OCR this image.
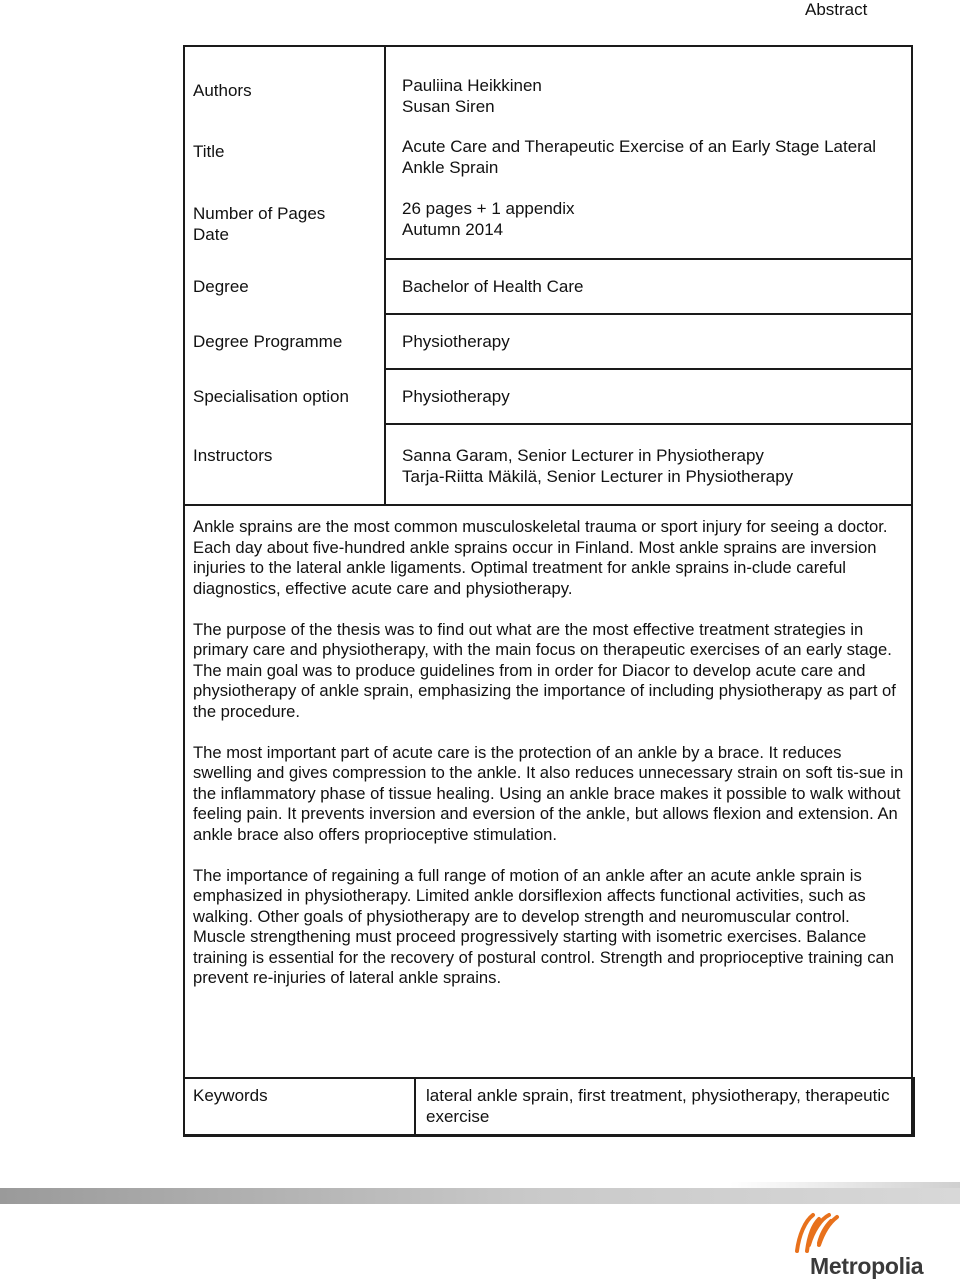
Abstract
Authors
Title
Number of Pages
Date
Degree
Degree Programme
Specialisation option
Instructors
Pauliina Heikkinen
Susan Siren
Acute Care and Therapeutic Exercise of an Early Stage Lateral
Ankle Sprain
26 pages + 1 appendix
Autumn 2014
Bachelor of Health Care
Physiotherapy
Physiotherapy
Sanna Garam, Senior Lecturer in Physiotherapy
Tarja-Riitta Mäkilä, Senior Lecturer in Physiotherapy

Ankle sprains are the most common musculoskeletal trauma or sport injury for seeing a doctor. Each day about five-hundred ankle sprains occur in Finland. Most ankle sprains are inversion injuries to the lateral ankle ligaments. Optimal treatment for ankle sprains in-clude careful diagnostics, effective acute care and physiotherapy.

The purpose of the thesis was to find out what are the most effective treatment strategies in primary care and physiotherapy, with the main focus on therapeutic exercises of an early stage. The main goal was to produce guidelines from in order for Diacor to develop acute care and physiotherapy of ankle sprain, emphasizing the importance of including physiotherapy as part of the procedure.

The most important part of acute care is the protection of an ankle by a brace. It reduces swelling and gives compression to the ankle. It also reduces unnecessary strain on soft tis-sue in the inflammatory phase of tissue healing. Using an ankle brace makes it possible to walk without feeling pain. It prevents inversion and eversion of the ankle, but allows flexion and extension. An ankle brace also offers proprioceptive stimulation.

The importance of regaining a full range of motion of an ankle after an acute ankle sprain is emphasized in physiotherapy. Limited ankle dorsiflexion affects functional activities, such as walking. Other goals of physiotherapy are to develop strength and neuromuscular control. Muscle strengthening must proceed progressively starting with isometric exercises. Balance training is essential for the recovery of postural control. Strength and proprioceptive training can prevent re-injuries of lateral ankle sprains.

Keywords	lateral ankle sprain, first treatment, physiotherapy, therapeutic exercise
Metropolia
